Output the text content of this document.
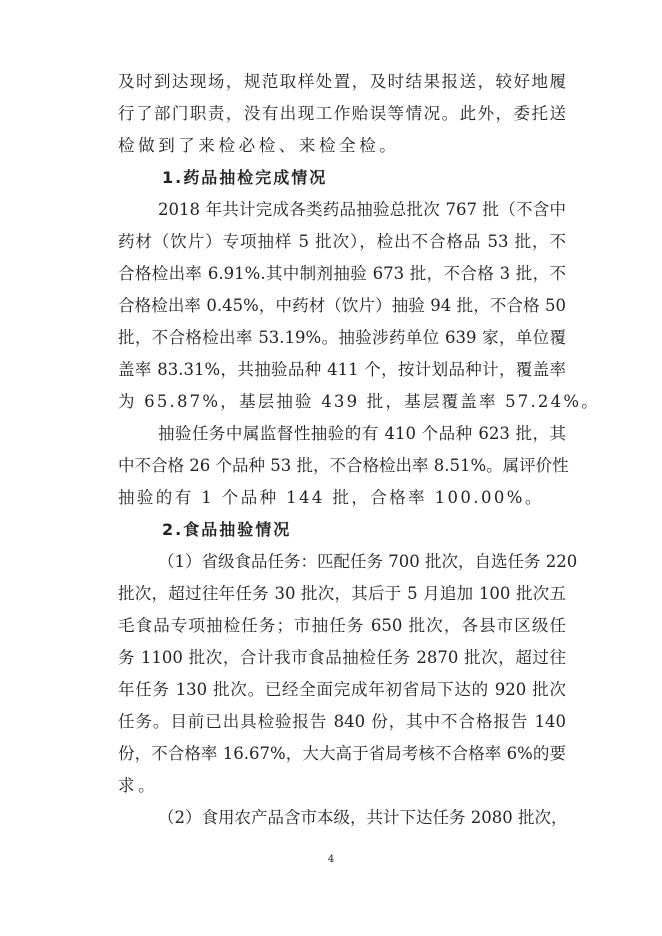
及时到达现场，规范取样处置，及时结果报送，较好地履
行了部门职责，没有出现工作贻误等情况。此外，委托送
检做到了来检必检、来检全检。
1.药品抽检完成情况
2018 年共计完成各类药品抽验总批次 767 批（不含中
药材（饮片）专项抽样 5 批次），检出不合格品 53 批，不
合格检出率 6.91%.其中制剂抽验 673 批，不合格 3 批，不
合格检出率 0.45%，中药材（饮片）抽验 94 批，不合格 50
批，不合格检出率 53.19%。抽验涉药单位 639 家，单位覆
盖率 83.31%，共抽验品种 411 个，按计划品种计，覆盖率
为 65.87%，基层抽验 439 批，基层覆盖率 57.24%。
抽验任务中属监督性抽验的有 410 个品种 623 批，其
中不合格 26 个品种 53 批，不合格检出率 8.51%。属评价性
抽验的有 1 个品种 144 批，合格率 100.00%。
2.食品抽验情况
（1）省级食品任务：匹配任务 700 批次，自选任务 220
批次，超过往年任务 30 批次，其后于 5 月追加 100 批次五
毛食品专项抽检任务；市抽任务 650 批次，各县市区级任
务 1100 批次，合计我市食品抽检任务 2870 批次，超过往
年任务 130 批次。已经全面完成年初省局下达的 920 批次
任务。目前已出具检验报告 840 份，其中不合格报告 140
份，不合格率 16.67%，大大高于省局考核不合格率 6%的要
求。
（2）食用农产品含市本级，共计下达任务 2080 批次，
4
